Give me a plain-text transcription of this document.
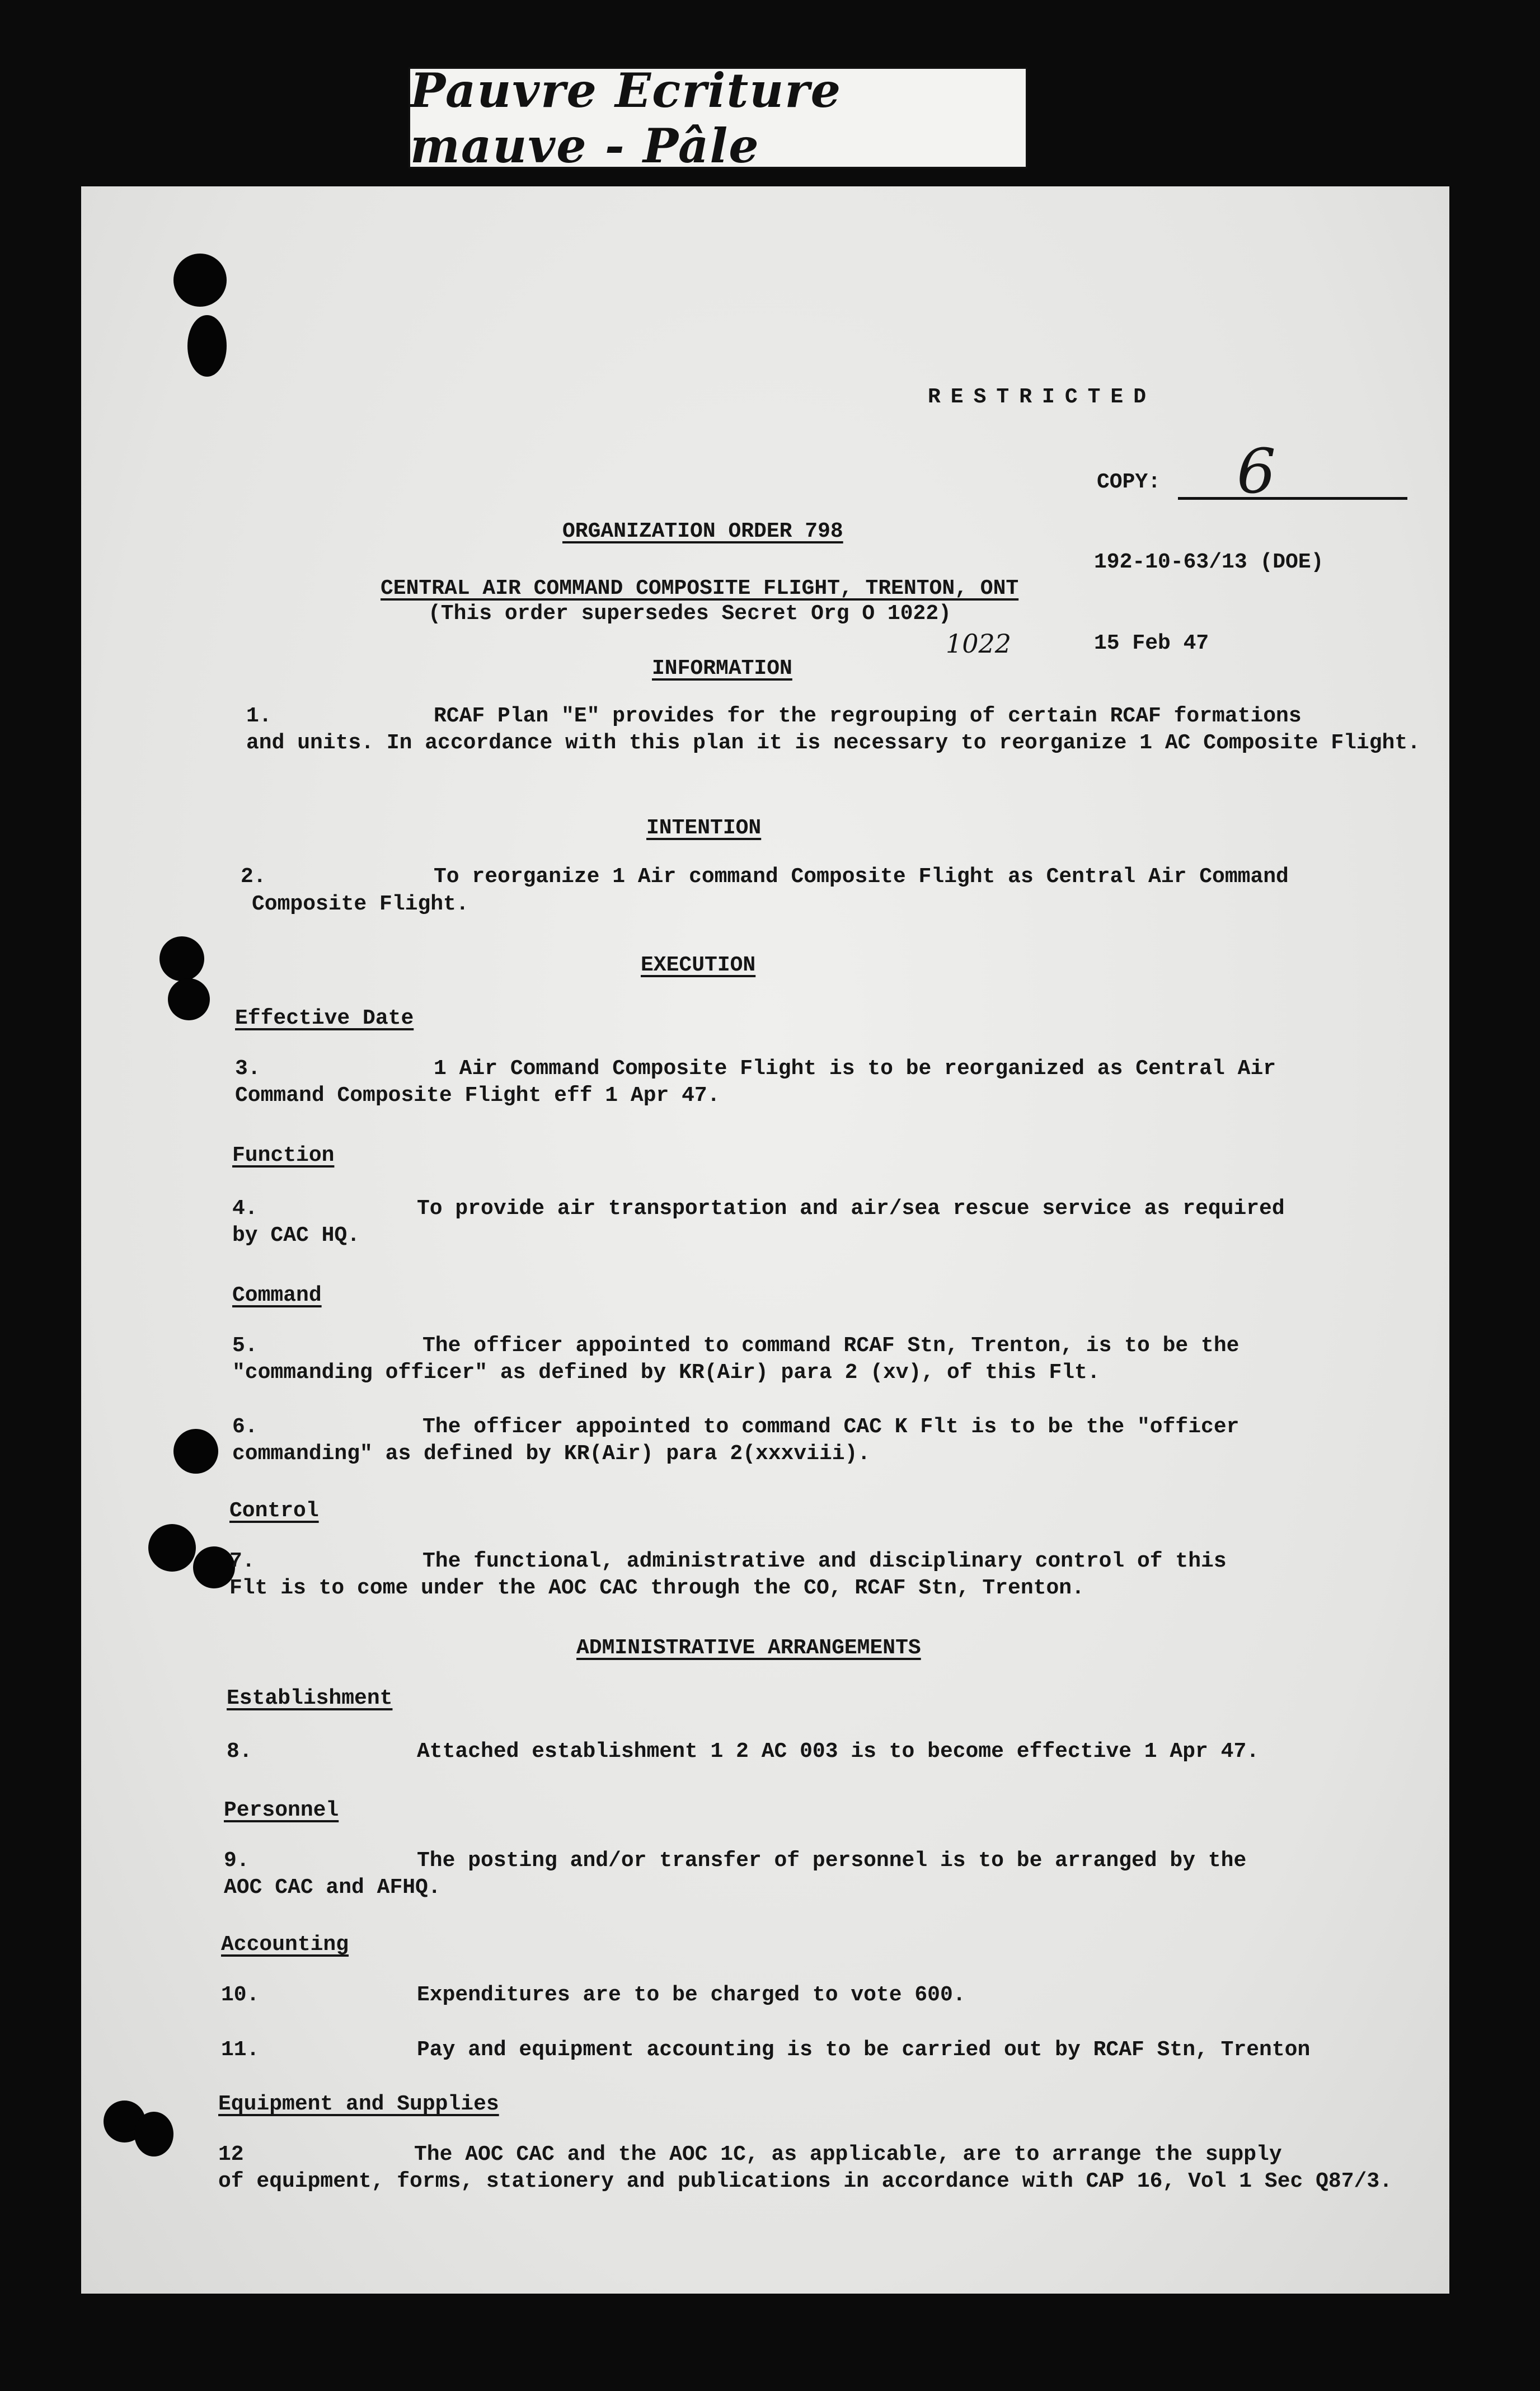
Pauvre Ecriture mauve - Pâle
RESTRICTED
COPY: 6
ORGANIZATION ORDER 798
192-10-63/13 (DOE)
CENTRAL AIR COMMAND COMPOSITE FLIGHT, TRENTON, ONT
(This order supersedes Secret Org O 1022)
1022	15 Feb 47
INFORMATION
1.	RCAF Plan "E" provides for the regrouping of certain RCAF formations
and units. In accordance with this plan it is necessary to reorganize 1 AC Composite Flight.
INTENTION
2.	To reorganize 1 Air command Composite Flight as Central Air Command
Composite Flight.
EXECUTION
Effective Date
3.	1 Air Command Composite Flight is to be reorganized as Central Air
Command Composite Flight eff 1 Apr 47.
Function
4.	To provide air transportation and air/sea rescue service as required
by CAC HQ.
Command
5.	The officer appointed to command RCAF Stn, Trenton, is to be the
"commanding officer" as defined by KR(Air) para 2 (xv), of this Flt.
6.	The officer appointed to command CAC K Flt is to be the "officer
commanding" as defined by KR(Air) para 2(xxxviii).
Control
7.	The functional, administrative and disciplinary control of this
Flt is to come under the AOC CAC through the CO, RCAF Stn, Trenton.
ADMINISTRATIVE ARRANGEMENTS
Establishment
8.	Attached establishment 1 2 AC 003 is to become effective 1 Apr 47.
Personnel
9.	The posting and/or transfer of personnel is to be arranged by the
AOC CAC and AFHQ.
Accounting
10.	Expenditures are to be charged to vote 600.
11.	Pay and equipment accounting is to be carried out by RCAF Stn, Trenton
Equipment and Supplies
12	The AOC CAC and the AOC 1C, as applicable, are to arrange the supply
of equipment, forms, stationery and publications in accordance with CAP 16, Vol 1 Sec Q87/3.
